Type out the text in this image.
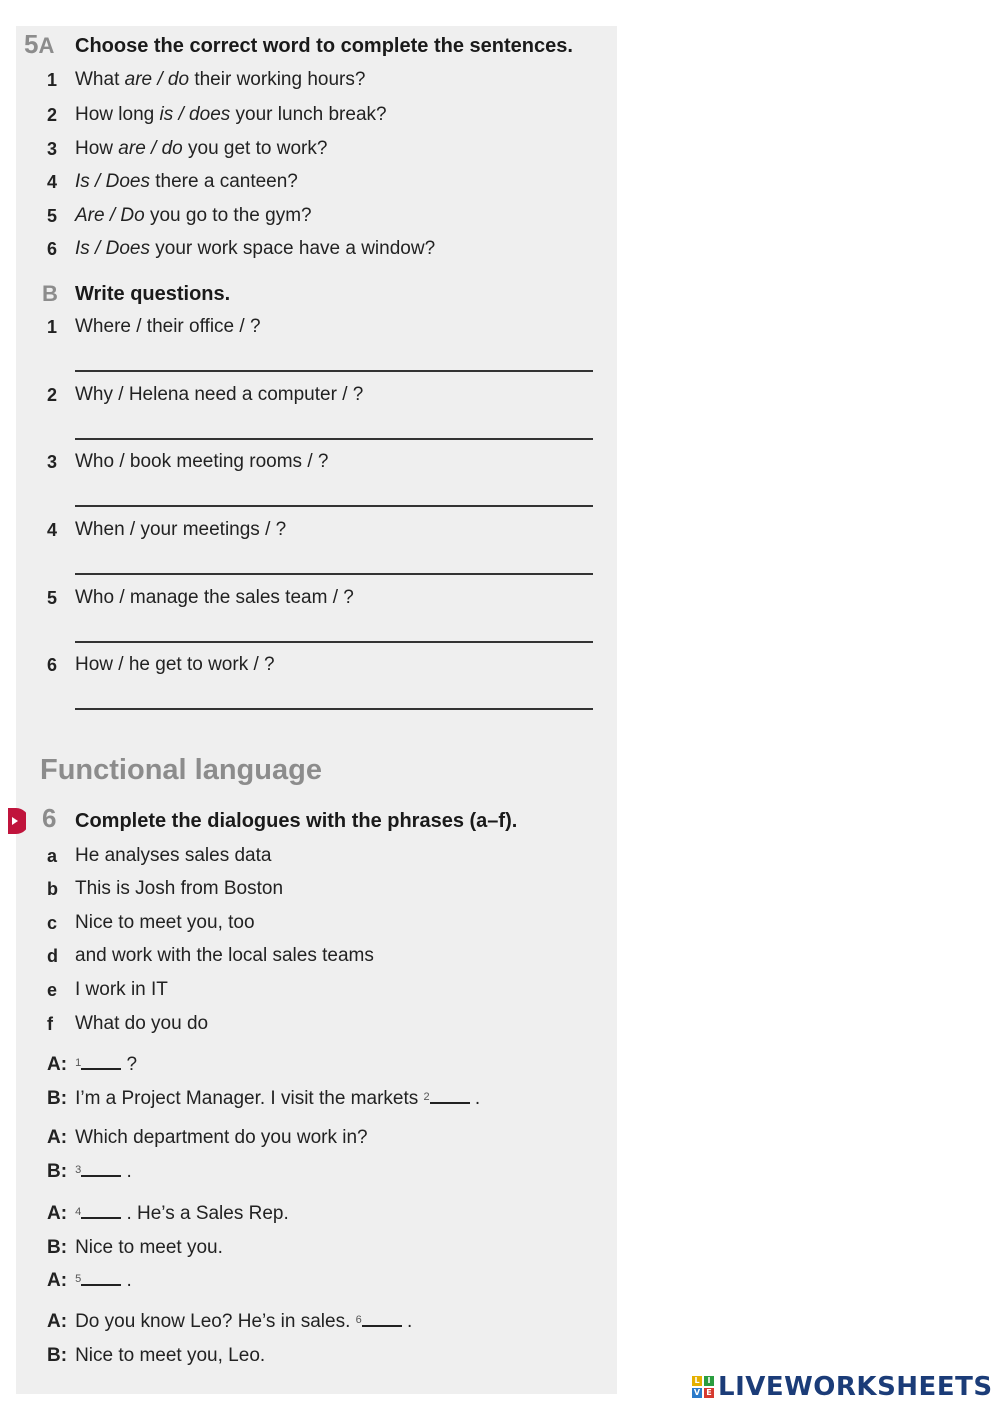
5A Choose the correct word to complete the sentences.
1 What are / do their working hours?
2 How long is / does your lunch break?
3 How are / do you get to work?
4 Is / Does there a canteen?
5 Are / Do you go to the gym?
6 Is / Does your work space have a window?
B Write questions.
1 Where / their office / ?
2 Why / Helena need a computer / ?
3 Who / book meeting rooms / ?
4 When / your meetings / ?
5 Who / manage the sales team / ?
6 How / he get to work / ?
Functional language
6 Complete the dialogues with the phrases (a–f).
a He analyses sales data
b This is Josh from Boston
c Nice to meet you, too
d and work with the local sales teams
e I work in IT
f What do you do
A: $^1$ ?
B: I’m a Project Manager. I visit the markets $^2$ .
A: Which department do you work in?
B: $^3$ .
A: $^4$ . He’s a Sales Rep.
B: Nice to meet you.
A: $^5$ .
A: Do you know Leo? He’s in sales. $^6$ .
B: Nice to meet you, Leo.
L I
V E LIVEWORKSHEETS
